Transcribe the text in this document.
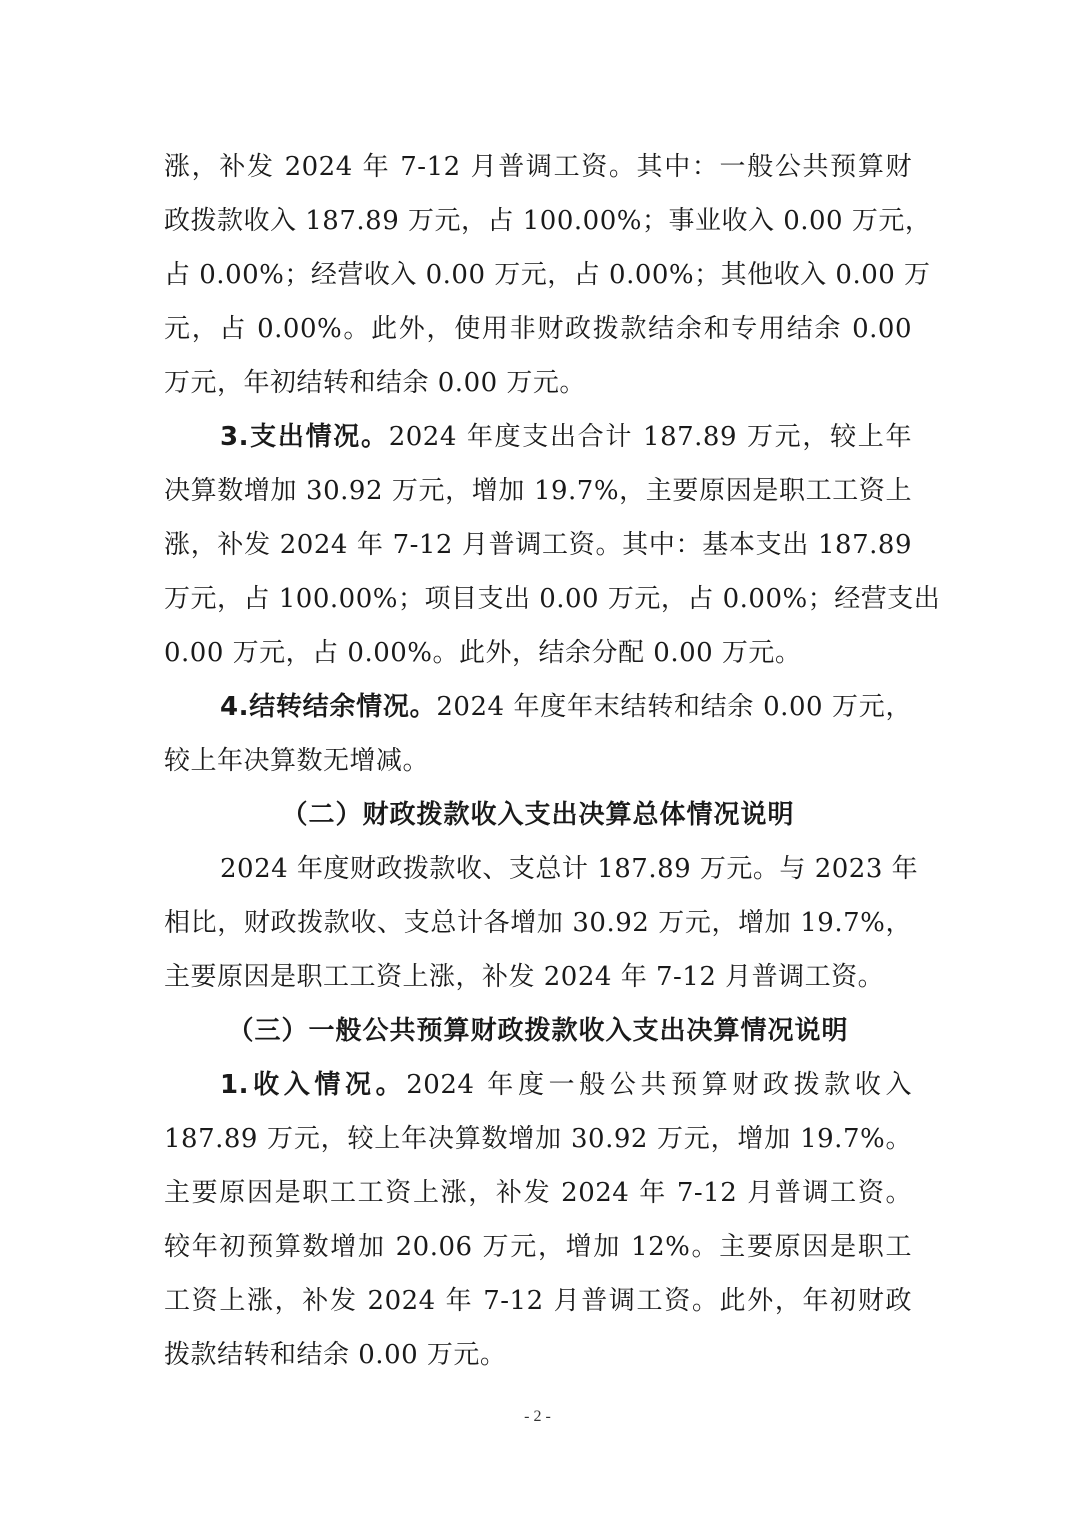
涨，补发 2024 年 7-12 月普调工资。其中：一般公共预算财
政拨款收入 187.89 万元，占 100.00%；事业收入 0.00 万元，
占 0.00%；经营收入 0.00 万元，占 0.00%；其他收入 0.00 万
元，占 0.00%。此外，使用非财政拨款结余和专用结余 0.00
万元，年初结转和结余 0.00 万元。
3.支出情况。2024 年度支出合计 187.89 万元，较上年
决算数增加 30.92 万元，增加 19.7%，主要原因是职工工资上
涨，补发 2024 年 7-12 月普调工资。其中：基本支出 187.89
万元，占 100.00%；项目支出 0.00 万元，占 0.00%；经营支出
0.00 万元，占 0.00%。此外，结余分配 0.00 万元。
4.结转结余情况。2024 年度年末结转和结余 0.00 万元，
较上年决算数无增减。
（二）财政拨款收入支出决算总体情况说明
2024 年度财政拨款收、支总计 187.89 万元。与 2023 年
相比，财政拨款收、支总计各增加 30.92 万元，增加 19.7%，
主要原因是职工工资上涨，补发 2024 年 7-12 月普调工资。
（三）一般公共预算财政拨款收入支出决算情况说明
1.收入情况。2024 年度一般公共预算财政拨款收入
187.89 万元，较上年决算数增加 30.92 万元，增加 19.7%。
主要原因是职工工资上涨，补发 2024 年 7-12 月普调工资。
较年初预算数增加 20.06 万元，增加 12%。主要原因是职工
工资上涨，补发 2024 年 7-12 月普调工资。此外，年初财政
拨款结转和结余 0.00 万元。
- 2 -
